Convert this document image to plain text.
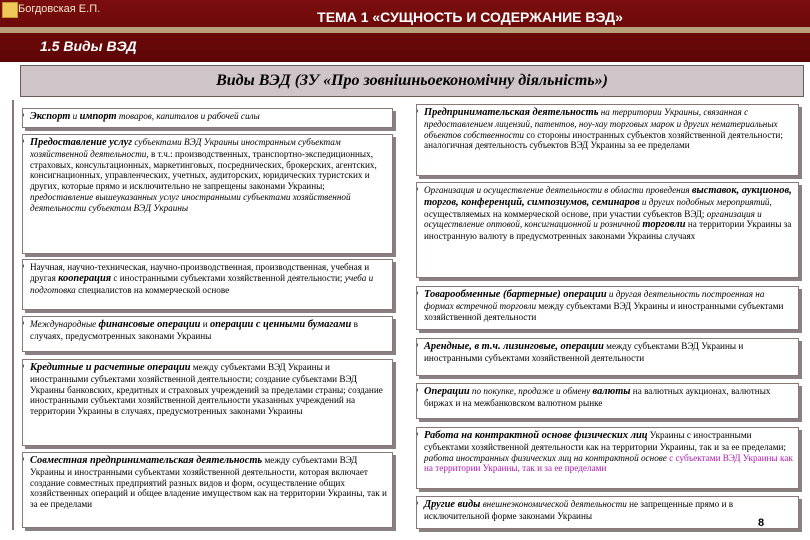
Богдовская Е.П.	ТЕМА 1 «СУЩНОСТЬ И СОДЕРЖАНИЕ ВЭД»
1.5 Виды ВЭД
Виды ВЭД (ЗУ «Про зовнішньоекономічну діяльність»)
Экспорт и импорт товаров, капиталов и рабочей силы
Предоставление услуг субъектами ВЭД Украины иностранным субъектам хозяйственной деятельности, в т.ч.: производственных, транспортно-экспедиционных, страховых, консультационных, маркетинговых, посреднических, брокерских, агентских, консигнационных, управленческих, учетных, аудиторских, юридических туристских и других, которые прямо и исключительно не запрещены законами Украины; предоставление вышеуказанных услуг иностранными субъектами хозяйственной деятельности субъектам ВЭД Украины
Научная, научно-техническая, научно-производственная, производственная, учебная и другая кооперация с иностранными субъектами хозяйственной деятельности; учеба и подготовка специалистов на коммерческой основе
Международные финансовые операции и операции с ценными бумагами в случаях, предусмотренных законами Украины
Кредитные и расчетные операции между субъектами ВЭД Украины и иностранными субъектами хозяйственной деятельности; создание субъектами ВЭД Украины банковских, кредитных и страховых учреждений за пределами страны; создание иностранными субъектами хозяйственной деятельности указанных учреждений на территории Украины в случаях, предусмотренных законами Украины
Совместная предпринимательская деятельность между субъектами ВЭД Украины и иностранными субъектами хозяйственной деятельности, которая включает создание совместных предприятий разных видов и форм, осуществление общих хозяйственных операций и общее владение имуществом как на территории Украины, так и за ее пределами
Предпринимательская деятельность на территории Украины, связанная с предоставлением лицензий, патентов, ноу-хау торговых марок и других нематериальных объектов собственности со стороны иностранных субъектов хозяйственной деятельности; аналогичная деятельность субъектов ВЭД Украины за ее пределами
Организация и осуществление деятельности в области проведения выставок, аукционов, торгов, конференций, симпозиумов, семинаров и других подобных мероприятий, осуществляемых на коммерческой основе, при участии субъектов ВЭД; организация и осуществление оптовой, консигнационной и розничной торговли на территории Украины за иностранную валюту в предусмотренных законами Украины случаях
Товарообменные (бартерные) операции и другая деятельность построенная на формах встречной торговли между субъектами ВЭД Украины и иностранными субъектами хозяйственной деятельности
Арендные, в т.ч. лизинговые, операции между субъектами ВЭД Украины и иностранными субъектами хозяйственной деятельности
Операции по покупке, продаже и обмену валюты на валютных аукционах, валютных биржах и на межбанковском валютном рынке
Работа на контрактной основе физических лиц Украины с иностранными субъектами хозяйственной деятельности как на территории Украины, так и за ее пределами; работа иностранных физических лиц на контрактной основе с субъектами ВЭД Украины как на территории Украины, так и за ее пределами
Другие виды внешнеэкономической деятельности не запрещенные прямо и в исключительной форме законами Украины
8
